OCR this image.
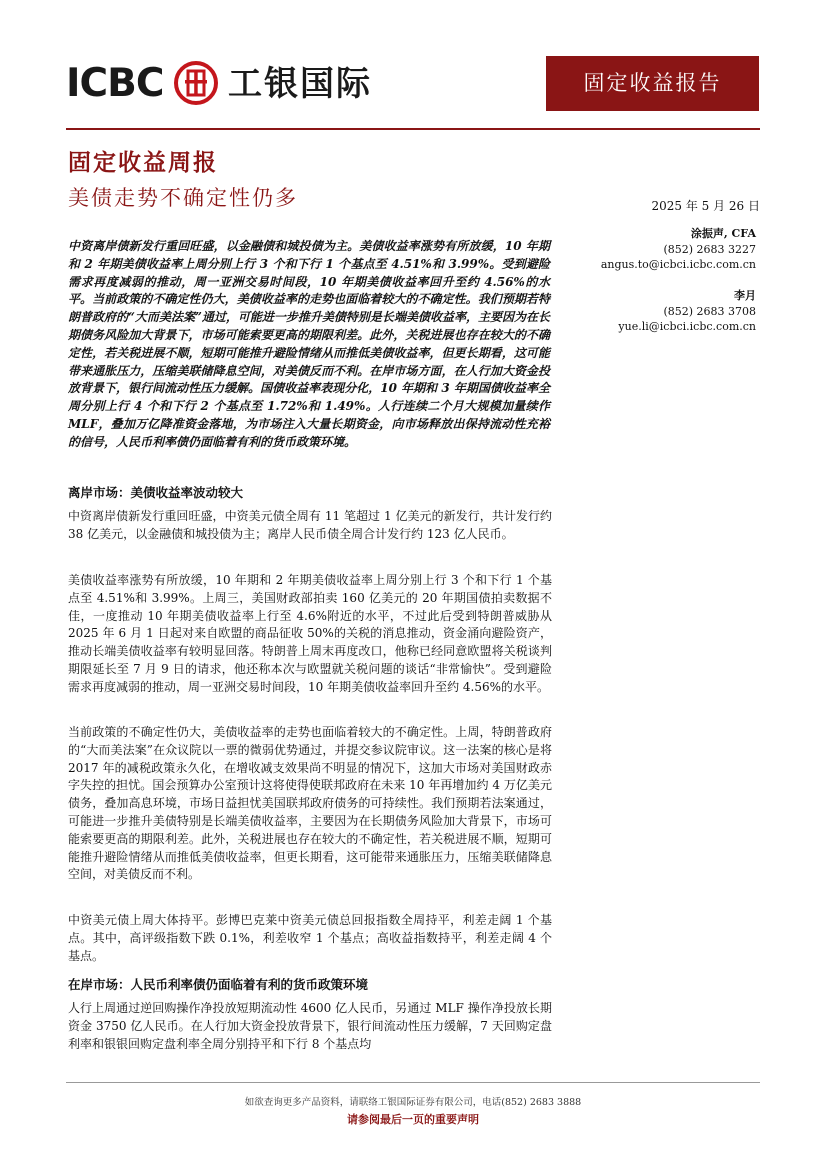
ICBC 工银国际	固定收益报告
固定收益周报
美债走势不确定性仍多	2025 年 5 月 26 日
涂振声, CFA
(852) 2683 3227
angus.to@icbci.icbc.com.cn
李月
(852) 2683 3708
yue.li@icbci.icbc.com.cn
中资离岸债新发行重回旺盛，以金融债和城投债为主。美债收益率涨势有所放缓，10 年期和 2 年期美债收益率上周分别上行 3 个和下行 1 个基点至 4.51%和 3.99%。受到避险需求再度减弱的推动，周一亚洲交易时间段，10 年期美债收益率回升至约 4.56%的水平。当前政策的不确定性仍大，美债收益率的走势也面临着较大的不确定性。我们预期若特朗普政府的“大而美法案”通过，可能进一步推升美债特别是长端美债收益率，主要因为在长期债务风险加大背景下，市场可能索要更高的期限利差。此外，关税进展也存在较大的不确定性，若关税进展不顺，短期可能推升避险情绪从而推低美债收益率，但更长期看，这可能带来通胀压力，压缩美联储降息空间，对美债反而不利。在岸市场方面，在人行加大资金投放背景下，银行间流动性压力缓解。国债收益率表现分化，10 年期和 3 年期国债收益率全周分别上行 4 个和下行 2 个基点至 1.72%和 1.49%。人行连续二个月大规模加量续作 MLF，叠加万亿降准资金落地，为市场注入大量长期资金，向市场释放出保持流动性充裕的信号，人民币利率债仍面临着有利的货币政策环境。
离岸市场：美债收益率波动较大
中资离岸债新发行重回旺盛，中资美元债全周有 11 笔超过 1 亿美元的新发行，共计发行约 38 亿美元，以金融债和城投债为主；离岸人民币债全周合计发行约 123 亿人民币。
美债收益率涨势有所放缓，10 年期和 2 年期美债收益率上周分别上行 3 个和下行 1 个基点至 4.51%和 3.99%。上周三，美国财政部拍卖 160 亿美元的 20 年期国债拍卖数据不佳，一度推动 10 年期美债收益率上行至 4.6%附近的水平，不过此后受到特朗普威胁从 2025 年 6 月 1 日起对来自欧盟的商品征收 50%的关税的消息推动，资金涌向避险资产，推动长端美债收益率有较明显回落。特朗普上周末再度改口，他称已经同意欧盟将关税谈判期限延长至 7 月 9 日的请求，他还称本次与欧盟就关税问题的谈话“非常愉快”。受到避险需求再度减弱的推动，周一亚洲交易时间段，10 年期美债收益率回升至约 4.56%的水平。
当前政策的不确定性仍大，美债收益率的走势也面临着较大的不确定性。上周，特朗普政府的“大而美法案”在众议院以一票的微弱优势通过，并提交参议院审议。这一法案的核心是将 2017 年的减税政策永久化，在增收减支效果尚不明显的情况下，这加大市场对美国财政赤字失控的担忧。国会预算办公室预计这将使得使联邦政府在未来 10 年再增加约 4 万亿美元债务，叠加高息环境，市场日益担忧美国联邦政府债务的可持续性。我们预期若法案通过，可能进一步推升美债特别是长端美债收益率，主要因为在长期债务风险加大背景下，市场可能索要更高的期限利差。此外，关税进展也存在较大的不确定性，若关税进展不顺，短期可能推升避险情绪从而推低美债收益率，但更长期看，这可能带来通胀压力，压缩美联储降息空间，对美债反而不利。
中资美元债上周大体持平。彭博巴克莱中资美元债总回报指数全周持平，利差走阔 1 个基点。其中，高评级指数下跌 0.1%，利差收窄 1 个基点；高收益指数持平，利差走阔 4 个基点。
在岸市场：人民币利率债仍面临着有利的货币政策环境
人行上周通过逆回购操作净投放短期流动性 4600 亿人民币，另通过 MLF 操作净投放长期资金 3750 亿人民币。在人行加大资金投放背景下，银行间流动性压力缓解，7 天回购定盘利率和银银回购定盘利率全周分别持平和下行 8 个基点均
如欲查询更多产品资料，请联络工银国际证券有限公司，电话(852) 2683 3888
请参阅最后一页的重要声明
